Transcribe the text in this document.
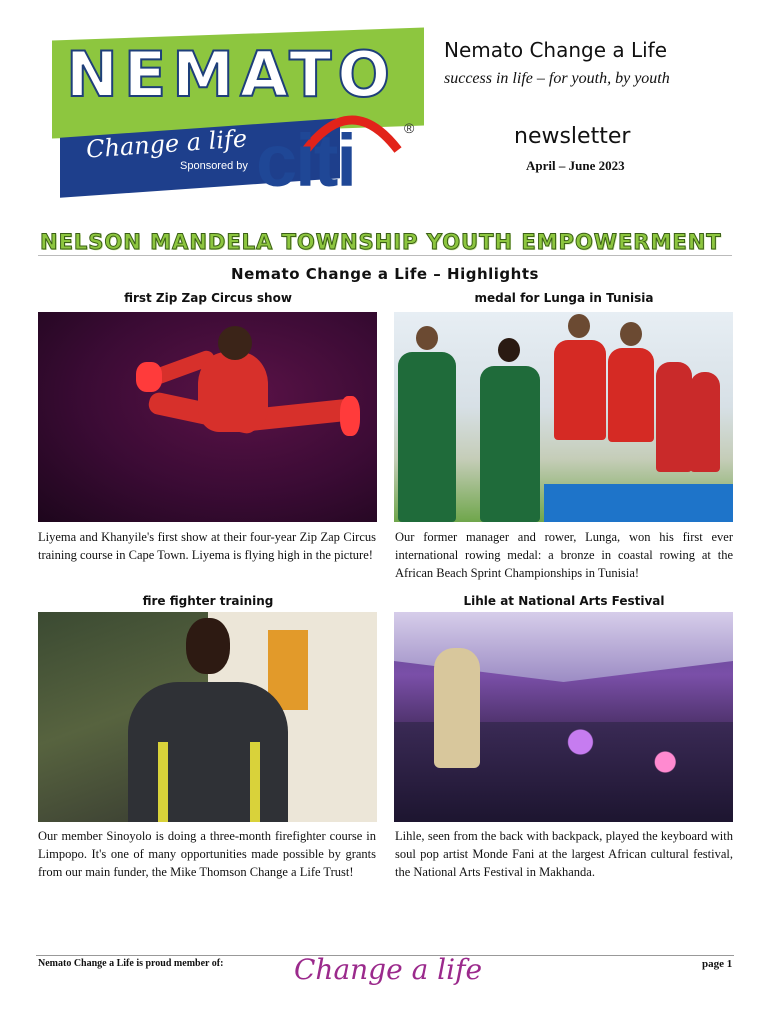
NEMATO
Change a life
Sponsored by citi	®
Nemato Change a Life
success in life – for youth, by youth
newsletter
April – June 2023
NELSON MANDELA TOWNSHIP YOUTH EMPOWERMENT
Nemato Change a Life – Highlights
first Zip Zap Circus show
Liyema and Khanyile's first show at their four-year Zip Zap Circus training course in Cape Town. Liyema is flying high in the picture!
medal for Lunga in Tunisia
Our former manager and rower, Lunga, won his first ever international rowing medal: a bronze in coastal rowing at the African Beach Sprint Championships in Tunisia!
fire fighter training
Our member Sinoyolo is doing a three-month firefighter course in Limpopo. It's one of many opportunities made possible by grants from our main funder, the Mike Thomson Change a Life Trust!
Lihle at National Arts Festival
Lihle, seen from the back with backpack, played the keyboard with soul pop artist Monde Fani at the largest African cultural festival, the National Arts Festival in Makhanda.
Nemato Change a Life is proud member of:	Change a life	page 1
